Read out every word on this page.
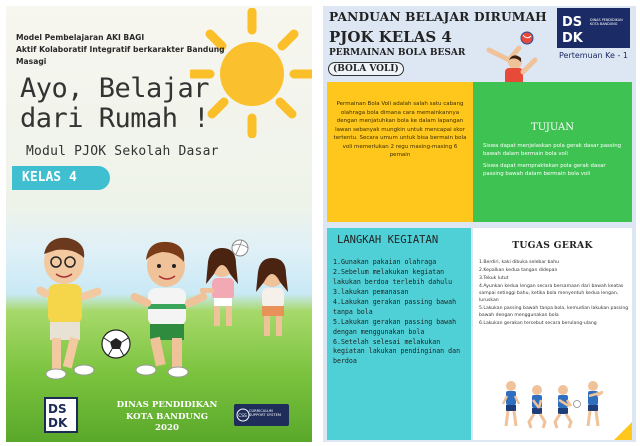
Model Pembelajaran AKI BAGI
Aktif Kolaboratif Integratif berkarakter Bandung Masagi
Ayo, Belajar
dari Rumah !
Modul PJOK Sekolah Dasar
KELAS 4
DS
DK
DINAS PENDIDIKAN
KOTA BANDUNG
2020
CSS
CURRICULUM SUPPORT SYSTEM
PANDUAN BELAJAR DIRUMAH
PJOK KELAS 4
PERMAINAN BOLA BESAR
(BOLA VOLI)
DS
DK
DINAS PENDIDIKAN KOTA BANDUNG
Pertemuan Ke - 1
Permainan Bola Voli adalah salah satu cabang olahraga bola dimana cara memainkannya dengan menjatuhkan bola ke dalam lapangan lawan sebanyak mungkin untuk mencapai skor tertentu. Secara umum untuk bisa bermain bola voli memerlukan 2 regu masing-masing 6 pemain
TUJUAN
Siswa dapat menjelaskan pola gerak dasar passing bawah dalam bermain bola voli
Siswa dapat mempraktekan pola gerak dasar passing bawah dalam bermain bola voli
LANGKAH KEGIATAN
1.Gunakan pakaian olahraga
2.Sebelum melakukan kegiatan lakukan berdoa terlebih dahulu
3.lakukan pemanasan
4.Lakukan gerakan passing bawah tanpa bola
5.Lakukan gerakan passing bawah dengan menggunakan bola
6.Setelah selesai melakukan kegiatan lakukan pendinginan dan berdoa
TUGAS GERAK
1.Berdiri, kaki dibuka selebar bahu
2.Kepalkan kedua tangan didepan
3.Tekuk lutut
4.Ayunkan kedua lengan secara bersamaan dari bawah keatas sampai setinggi bahu, ketika bola menyentuh kedua lengan, luruskan
5.Lakukan passing bawah tanpa bola, kemudian lakukan passing bawah dengan menggunakan bola
6.Lakukan gerakan tersebut secara berulang-ulang
